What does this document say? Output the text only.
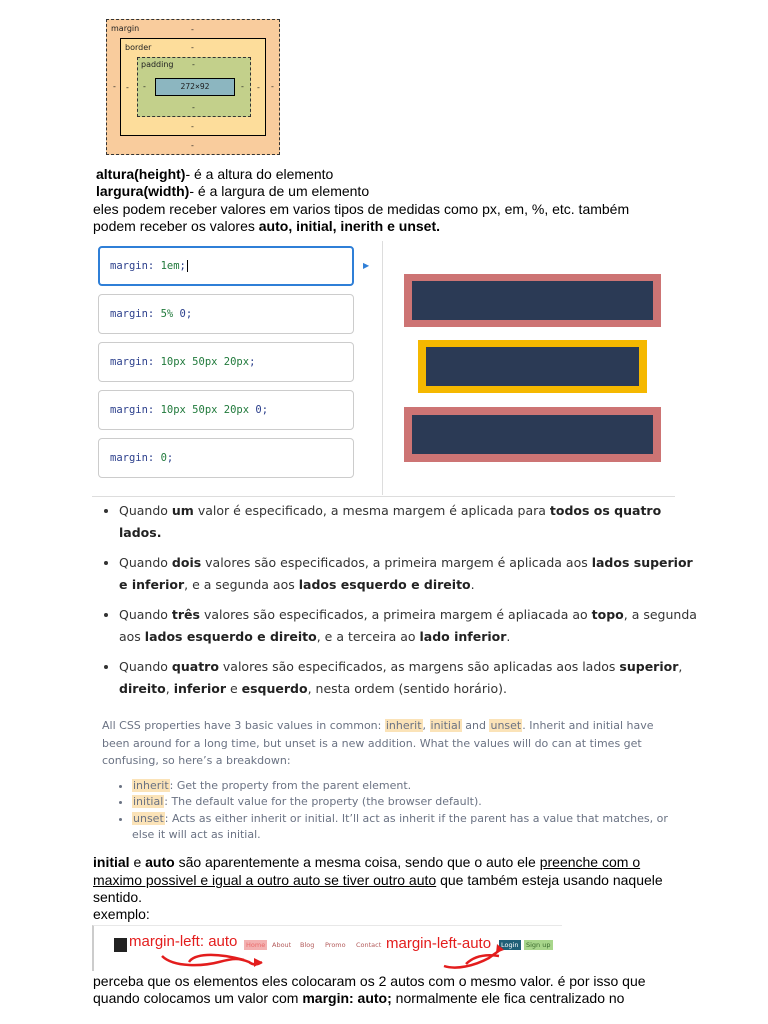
margin	-
-	-
-
border	-
-	-
-
padding -
-	-
-
272×92
altura(height)- é a altura do elemento
largura(width)- é a largura de um elemento
eles podem receber valores em varios tipos de medidas como px, em, %, etc. também
podem receber os valores auto, initial, inerith e unset.
margin: 1em;
margin: 5% 0;
margin: 10px 50px 20px;
margin: 10px 50px 20px 0;
margin: 0;
▶
• Quando um valor é especificado, a mesma margem é aplicada para todos os quatro lados.
• Quando dois valores são especificados, a primeira margem é aplicada aos lados superior e inferior, e a segunda aos lados esquerdo e direito.
• Quando três valores são especificados, a primeira margem é apliacada ao topo, a segunda aos lados esquerdo e direito, e a terceira ao lado inferior.
• Quando quatro valores são especificados, as margens são aplicadas aos lados superior, direito, inferior e esquerdo, nesta ordem (sentido horário).
All CSS properties have 3 basic values in common: inherit, initial and unset. Inherit and initial have been around for a long time, but unset is a new addition. What the values will do can at times get confusing, so here’s a breakdown:
• inherit: Get the property from the parent element.
• initial: The default value for the property (the browser default).
• unset: Acts as either inherit or initial. It’ll act as inherit if the parent has a value that matches, or else it will act as initial.
initial e auto são aparentemente a mesma coisa, sendo que o auto ele preenche com o
maximo possivel e igual a outro auto se tiver outro auto que também esteja usando naquele
sentido.
exemplo:
margin-left: auto	Home	About Blog Promo Contact margin-left-auto	Login	Sign up
perceba que os elementos eles colocaram os 2 autos com o mesmo valor. é por isso que
quando colocamos um valor com margin: auto; normalmente ele fica centralizado no
